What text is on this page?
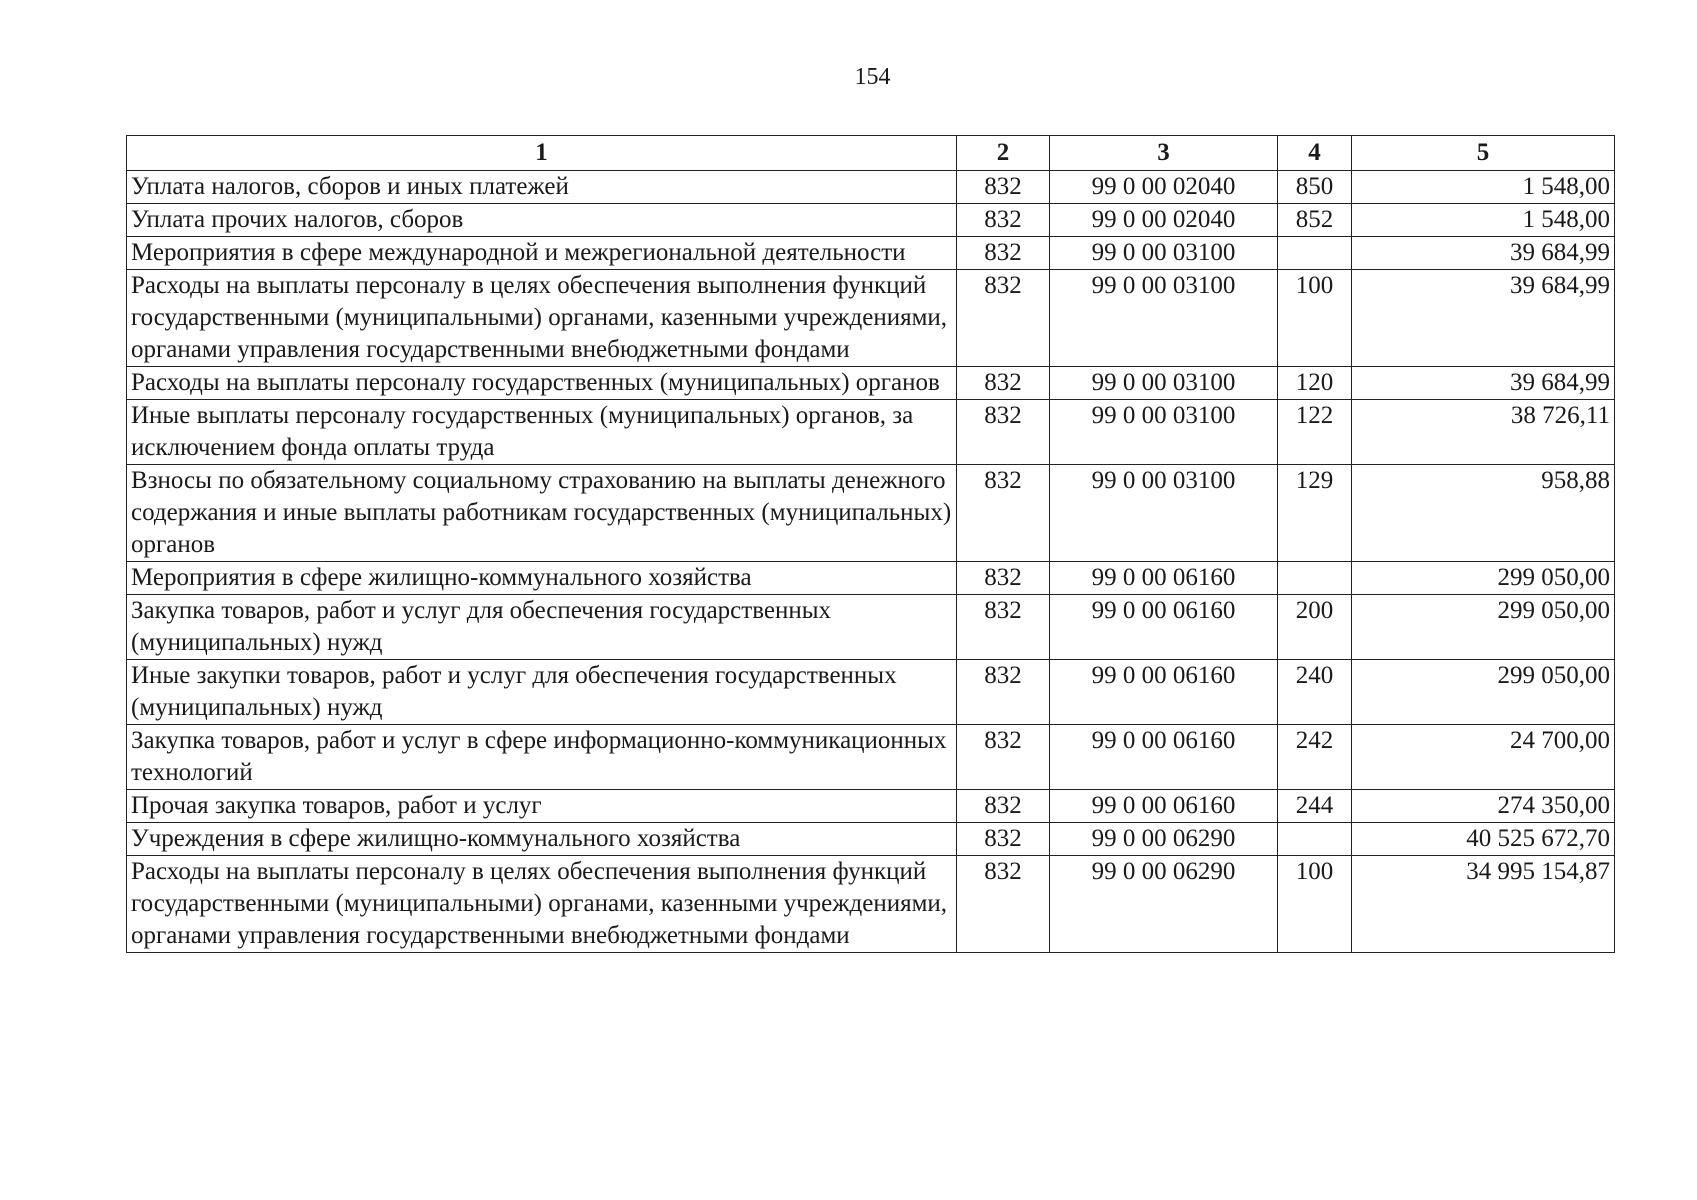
154
1	2	3	4	5
Уплата налогов, сборов и иных платежей	832	99 0 00 02040	850	1 548,00
Уплата прочих налогов, сборов	832	99 0 00 02040	852	1 548,00
Мероприятия в сфере международной и межрегиональной деятельности	832	99 0 00 03100		39 684,99
Расходы на выплаты персоналу в целях обеспечения выполнения функций государственными (муниципальными) органами, казенными учреждениями, органами управления государственными внебюджетными фондами	832	99 0 00 03100	100	39 684,99
Расходы на выплаты персоналу государственных (муниципальных) органов	832	99 0 00 03100	120	39 684,99
Иные выплаты персоналу государственных (муниципальных) органов, за исключением фонда оплаты труда	832	99 0 00 03100	122	38 726,11
Взносы по обязательному социальному страхованию на выплаты денежного содержания и иные выплаты работникам государственных (муниципальных) органов	832	99 0 00 03100	129	958,88
Мероприятия в сфере жилищно-коммунального хозяйства	832	99 0 00 06160		299 050,00
Закупка товаров, работ и услуг для обеспечения государственных (муниципальных) нужд	832	99 0 00 06160	200	299 050,00
Иные закупки товаров, работ и услуг для обеспечения государственных (муниципальных) нужд	832	99 0 00 06160	240	299 050,00
Закупка товаров, работ и услуг в сфере информационно-коммуникационных технологий	832	99 0 00 06160	242	24 700,00
Прочая закупка товаров, работ и услуг	832	99 0 00 06160	244	274 350,00
Учреждения в сфере жилищно-коммунального хозяйства	832	99 0 00 06290		40 525 672,70
Расходы на выплаты персоналу в целях обеспечения выполнения функций государственными (муниципальными) органами, казенными учреждениями, органами управления государственными внебюджетными фондами	832	99 0 00 06290	100	34 995 154,87
